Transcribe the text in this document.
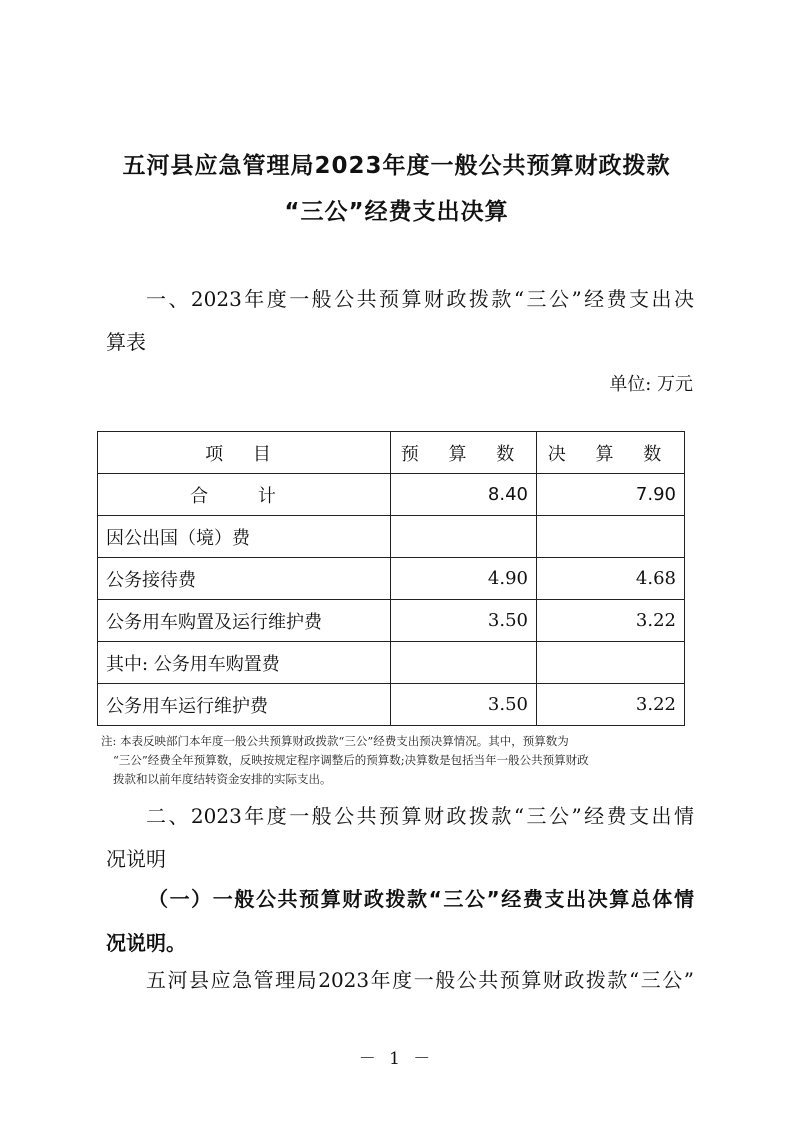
五河县应急管理局2023年度一般公共预算财政拨款
“三公”经费支出决算
一、2023年度一般公共预算财政拨款“三公”经费支出决
算表
单位: 万元
项 目	预 算 数	决 算 数
合 计	8.40	7.90
因公出国（境）费		
公务接待费	4.90	4.68
公务用车购置及运行维护费	3.50	3.22
其中: 公务用车购置费		
公务用车运行维护费	3.50	3.22
注: 本表反映部门本年度一般公共预算财政拨款“三公”经费支出预决算情况。其中，预算数为
“三公”经费全年预算数，反映按规定程序调整后的预算数;决算数是包括当年一般公共预算财政
拨款和以前年度结转资金安排的实际支出。
二、2023年度一般公共预算财政拨款“三公”经费支出情
况说明
（一）一般公共预算财政拨款“三公”经费支出决算总体情
况说明。
五河县应急管理局2023年度一般公共预算财政拨款“三公”
－ 1 －
